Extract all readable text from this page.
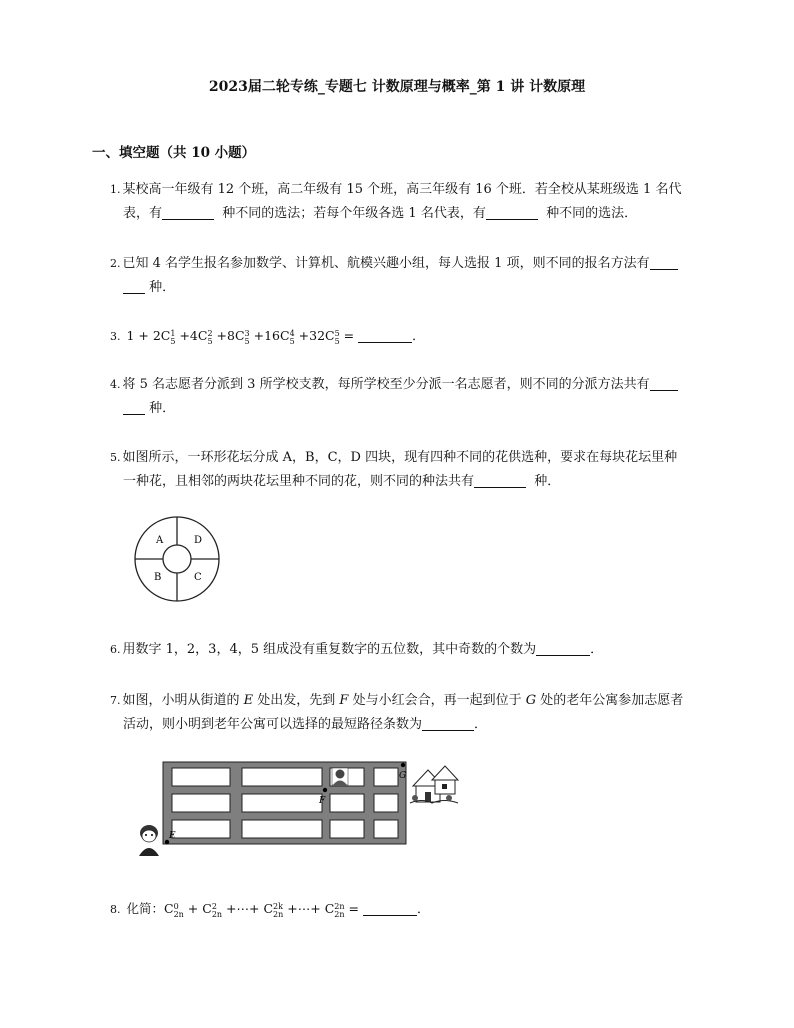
2023届二轮专练_专题七 计数原理与概率_第 1 讲 计数原理
一、填空题（共 10 小题）
1. 某校高一年级有 12 个班，高二年级有 15 个班，高三年级有 16 个班．若全校从某班级选 1 名代
表，有	种不同的选法；若每个年级各选 1 名代表，有	种不同的选法．
2. 已知 4 名学生报名参加数学、计算机、航模兴趣小组，每人选报 1 项，则不同的报名方法有
种．
3. 1 + 2C 1
5 +4C 2
5 +8C 3
5 +16C 4
5 +32C 5
5 =	．
4. 将 5 名志愿者分派到 3 所学校支教，每所学校至少分派一名志愿者，则不同的分派方法共有
种．
5. 如图所示，一环形花坛分成 A，B，C，D 四块，现有四种不同的花供选种，要求在每块花坛里种
一种花，且相邻的两块花坛里种不同的花，则不同的种法共有	种．
A	D
B	C
6. 用数字 1，2，3，4，5 组成没有重复数字的五位数，其中奇数的个数为	．
7. 如图，小明从街道的 E 处出发，先到 F 处与小红会合，再一起到位于 G 处的老年公寓参加志愿者
活动，则小明到老年公寓可以选择的最短路径条数为	．
E
F
G
8. 化简：C 0
2n + C 2
2n +⋯+ C 2k
2n +⋯+ C 2n
2n =	．
